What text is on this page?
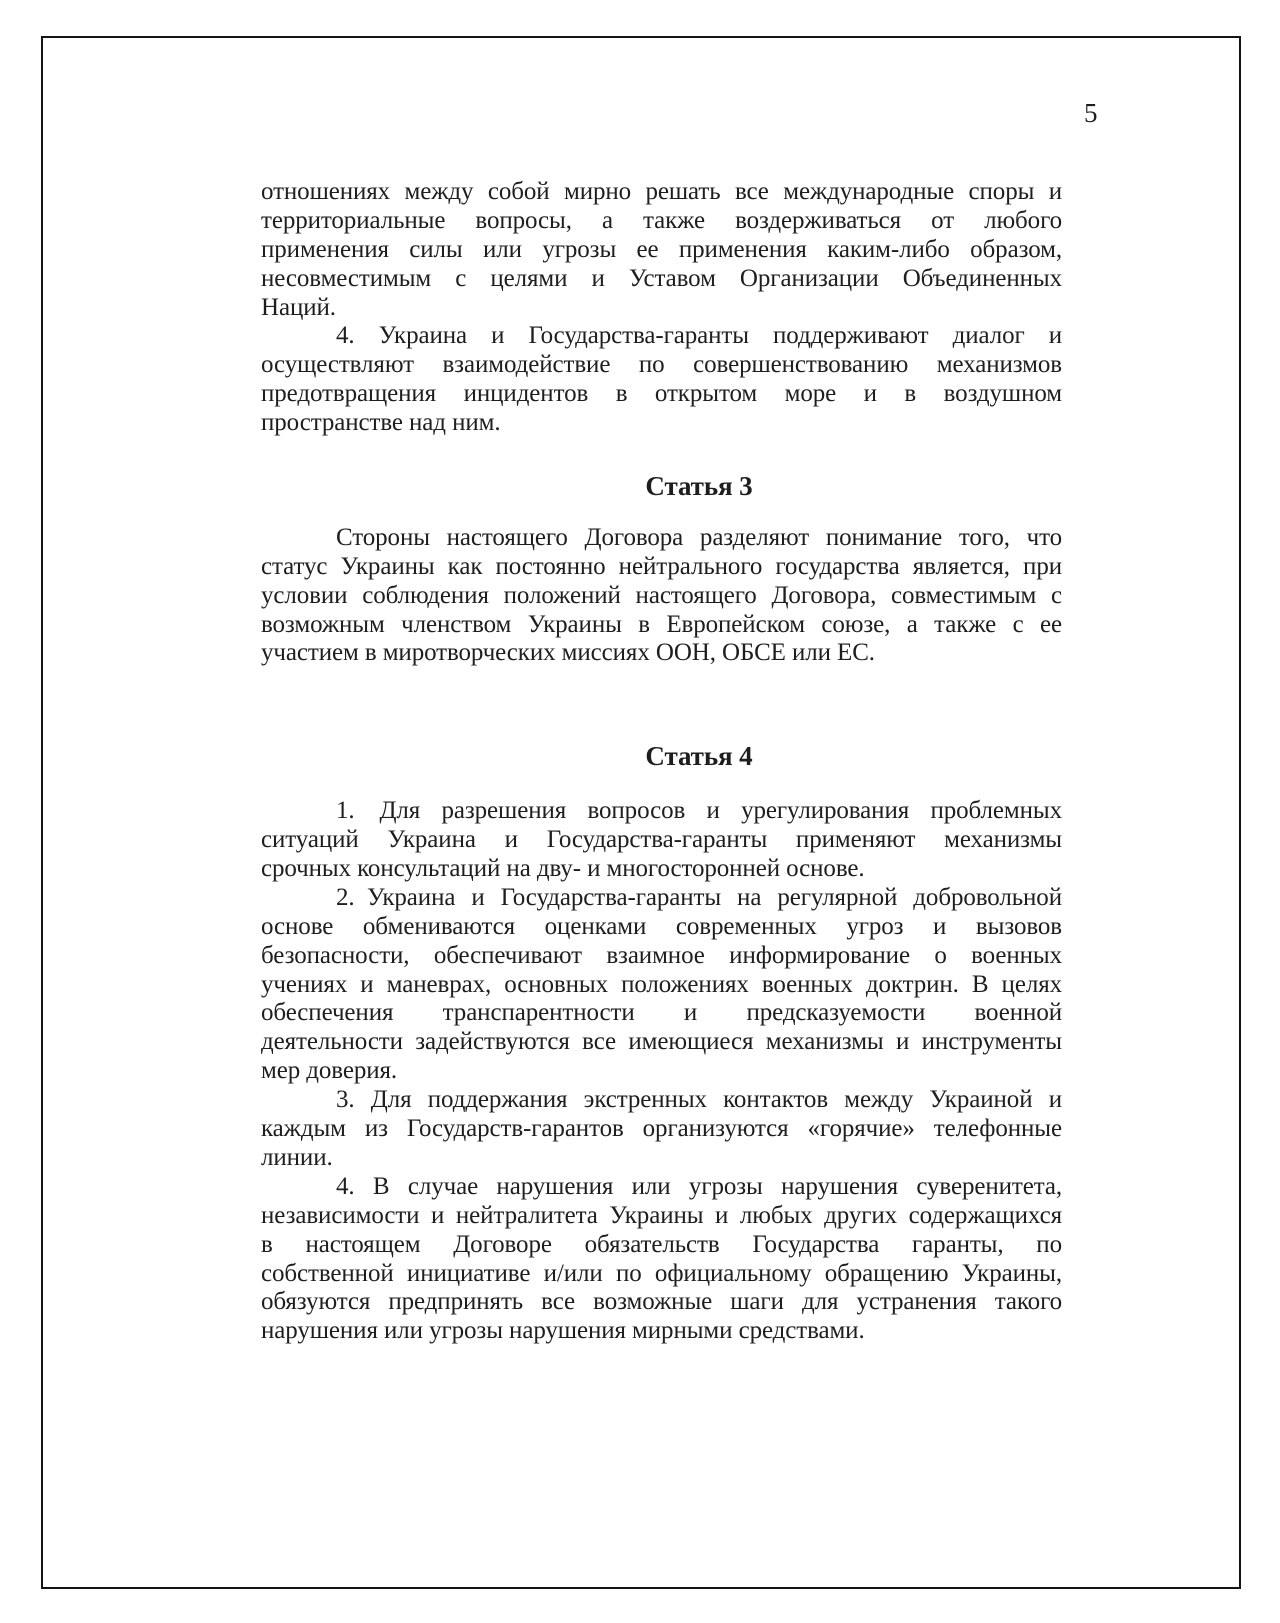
5
отношениях между собой мирно решать все международные споры и
территориальные вопросы, а также воздерживаться от любого
применения силы или угрозы ее применения каким-либо образом,
несовместимым с целями и Уставом Организации Объединенных
Наций.
4. Украина и Государства-гаранты поддерживают диалог и
осуществляют взаимодействие по совершенствованию механизмов
предотвращения инцидентов в открытом море и в воздушном
пространстве над ним.
Статья 3
Стороны настоящего Договора разделяют понимание того, что
статус Украины как постоянно нейтрального государства является, при
условии соблюдения положений настоящего Договора, совместимым с
возможным членством Украины в Европейском союзе, а также с ее
участием в миротворческих миссиях ООН, ОБСЕ или ЕС.
Статья 4
1. Для разрешения вопросов и урегулирования проблемных
ситуаций Украина и Государства-гаранты применяют механизмы
срочных консультаций на дву- и многосторонней основе.
2. Украина и Государства-гаранты на регулярной добровольной
основе обмениваются оценками современных угроз и вызовов
безопасности, обеспечивают взаимное информирование о военных
учениях и маневрах, основных положениях военных доктрин. В целях
обеспечения транспарентности и предсказуемости военной
деятельности задействуются все имеющиеся механизмы и инструменты
мер доверия.
3. Для поддержания экстренных контактов между Украиной и
каждым из Государств-гарантов организуются «горячие» телефонные
линии.
4. В случае нарушения или угрозы нарушения суверенитета,
независимости и нейтралитета Украины и любых других содержащихся
в настоящем Договоре обязательств Государства гаранты, по
собственной инициативе и/или по официальному обращению Украины,
обязуются предпринять все возможные шаги для устранения такого
нарушения или угрозы нарушения мирными средствами.
